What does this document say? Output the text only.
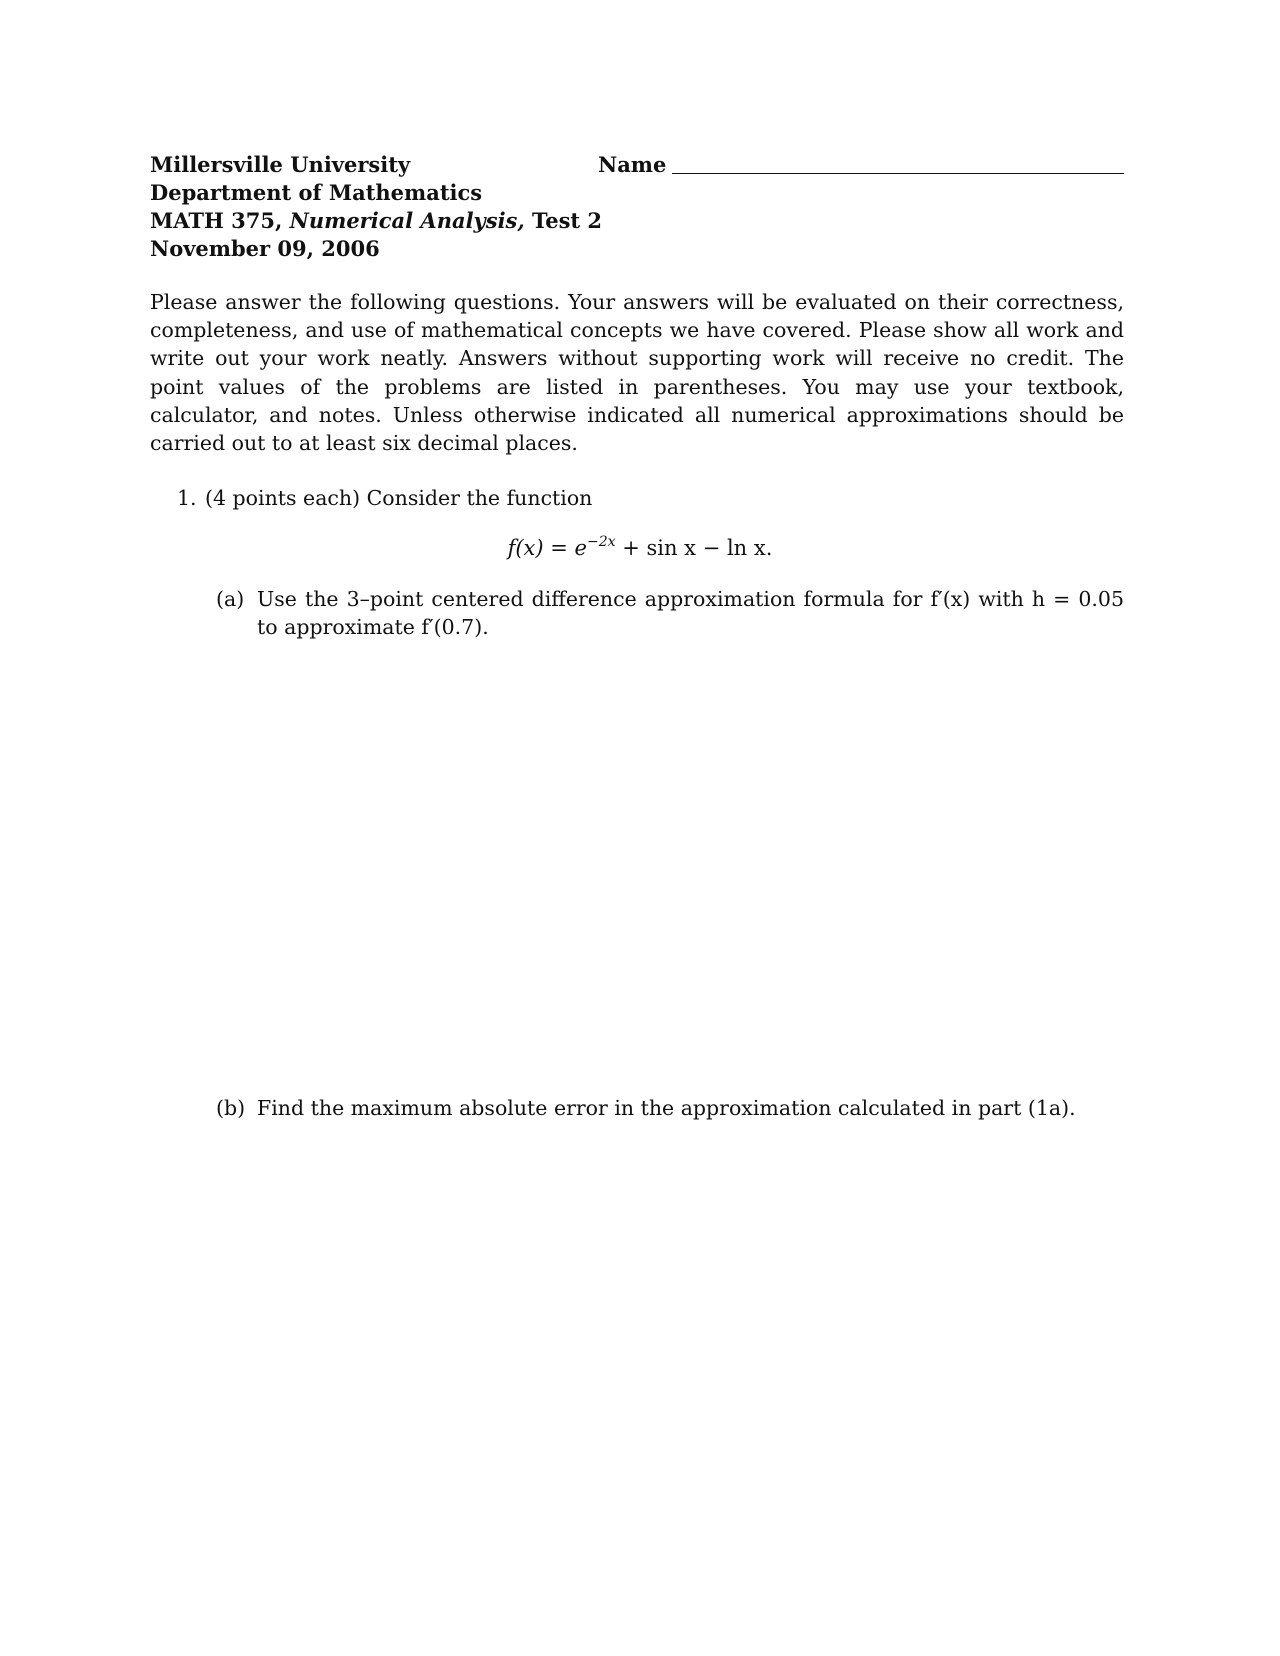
Millersville University
Department of Mathematics
MATH 375, Numerical Analysis, Test 2
November 09, 2006
Name
Please answer the following questions. Your answers will be evaluated on their correctness, completeness, and use of mathematical concepts we have covered. Please show all work and write out your work neatly. Answers without supporting work will receive no credit. The point values of the problems are listed in parentheses. You may use your textbook, calculator, and notes. Unless otherwise indicated all numerical approximations should be carried out to at least six decimal places.
1. (4 points each) Consider the function
$f(x) = e^{-2x} + \sin x - \ln x$.
(a) Use the 3–point centered difference approximation formula for f′(x) with h = 0.05 to approximate f′(0.7).
(b) Find the maximum absolute error in the approximation calculated in part (1a).
